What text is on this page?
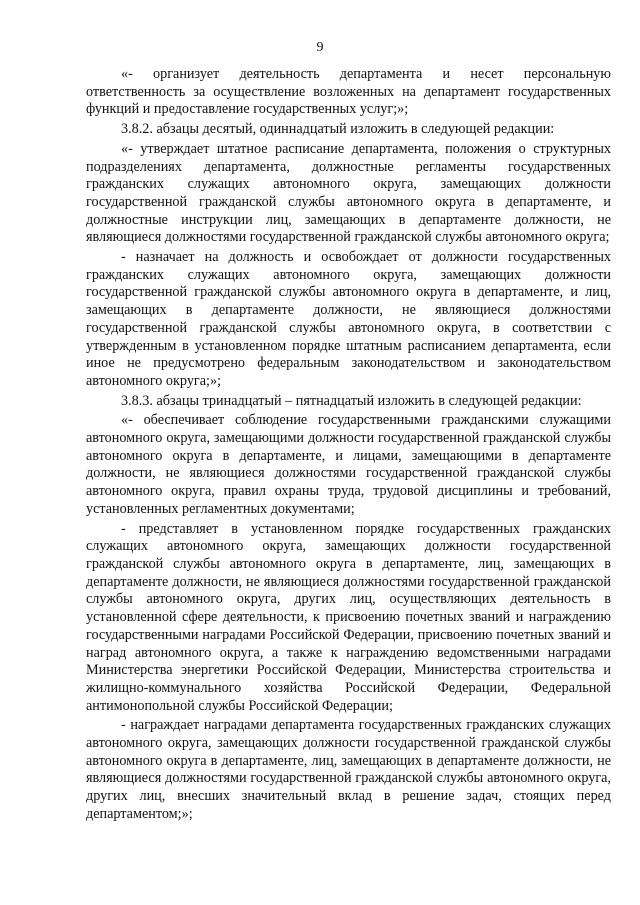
9

«- организует деятельность департамента и несет персональную ответственность за осуществление возложенных на департамент государственных функций и предоставление государственных услуг;»;

3.8.2. абзацы десятый, одиннадцатый изложить в следующей редакции:

«- утверждает штатное расписание департамента, положения о структурных подразделениях департамента, должностные регламенты государственных гражданских служащих автономного округа, замещающих должности государственной гражданской службы автономного округа в департаменте, и должностные инструкции лиц, замещающих в департаменте должности, не являющиеся должностями государственной гражданской службы автономного округа;

- назначает на должность и освобождает от должности государственных гражданских служащих автономного округа, замещающих должности государственной гражданской службы автономного округа в департаменте, и лиц, замещающих в департаменте должности, не являющиеся должностями государственной гражданской службы автономного округа, в соответствии с утвержденным в установленном порядке штатным расписанием департамента, если иное не предусмотрено федеральным законодательством и законодательством автономного округа;»;

3.8.3. абзацы тринадцатый – пятнадцатый изложить в следующей редакции:

«- обеспечивает соблюдение государственными гражданскими служащими автономного округа, замещающими должности государственной гражданской службы автономного округа в департаменте, и лицами, замещающими в департаменте должности, не являющиеся должностями государственной гражданской службы автономного округа, правил охраны труда, трудовой дисциплины и требований, установленных регламентных документами;

- представляет в установленном порядке государственных гражданских служащих автономного округа, замещающих должности государственной гражданской службы автономного округа в департаменте, лиц, замещающих в департаменте должности, не являющиеся должностями государственной гражданской службы автономного округа, других лиц, осуществляющих деятельность в установленной сфере деятельности, к присвоению почетных званий и награждению государственными наградами Российской Федерации, присвоению почетных званий и наград автономного округа, а также к награждению ведомственными наградами Министерства энергетики Российской Федерации, Министерства строительства и жилищно-коммунального хозяйства Российской Федерации, Федеральной антимонопольной службы Российской Федерации;

- награждает наградами департамента государственных гражданских служащих автономного округа, замещающих должности государственной гражданской службы автономного округа в департаменте, лиц, замещающих в департаменте должности, не являющиеся должностями государственной гражданской службы автономного округа, других лиц, внесших значительный вклад в решение задач, стоящих перед департаментом;»;
